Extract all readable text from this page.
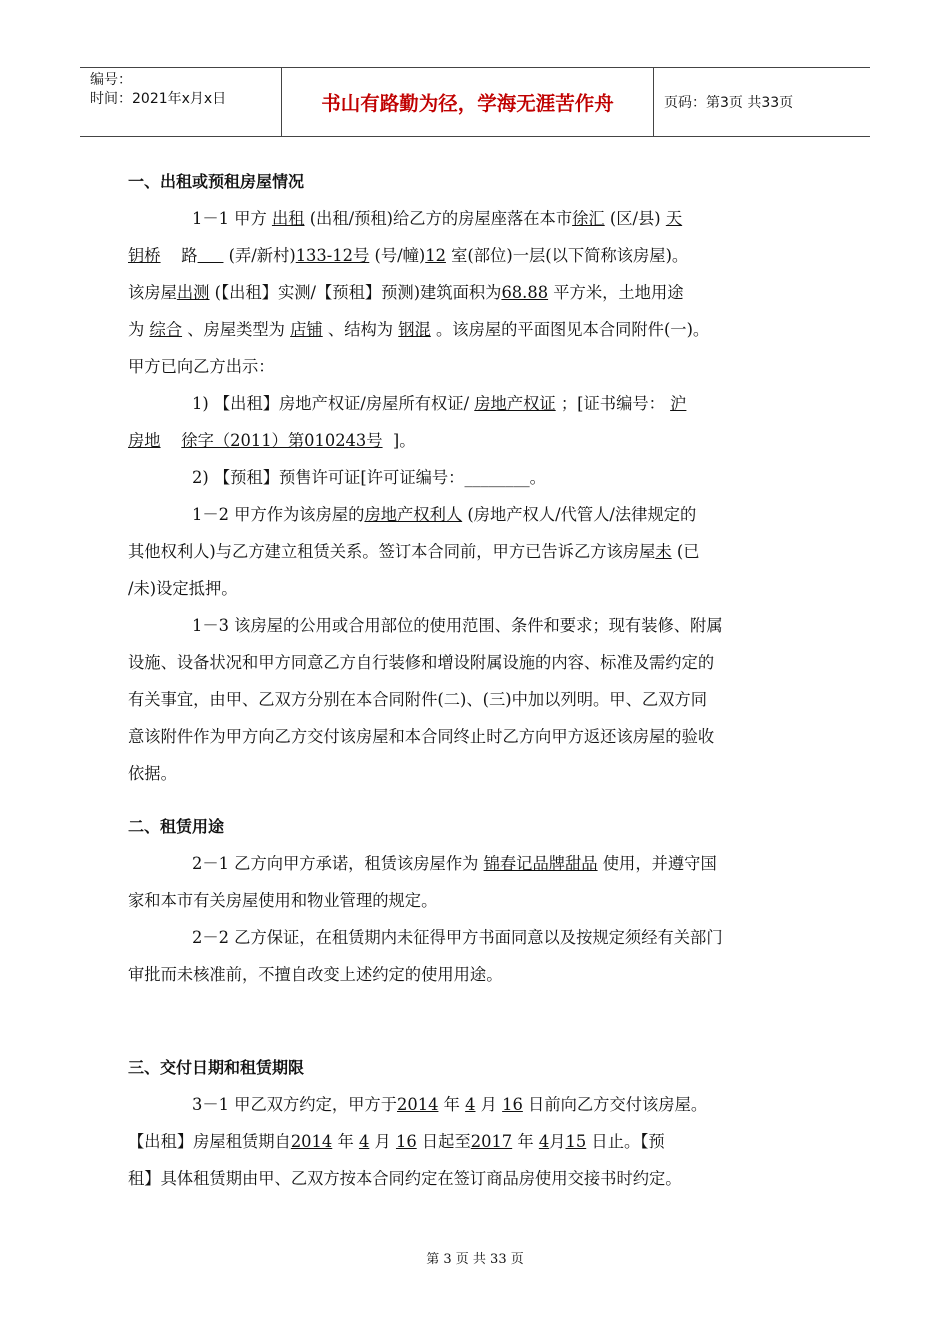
编号：
时间：2021年x月x日	书山有路勤为径，学海无涯苦作舟	页码：第3页 共33页
一、出租或预租房屋情况
1－1 甲方 出租 (出租/预租)给乙方的房屋座落在本市徐汇 (区/县) 天
钥桥 路 (弄/新村)133-12号 (号/幢)12 室(部位)一层(以下简称该房屋)。
该房屋出测 (【出租】实测/【预租】预测)建筑面积为68.88 平方米，土地用途
为 综合 、房屋类型为 店铺 、结构为 钢混 。该房屋的平面图见本合同附件(一)。
甲方已向乙方出示：
1) 【出租】房地产权证/房屋所有权证/ 房地产权证 ；[证书编号： 沪
房地 徐字（2011）第010243号 ]。
2) 【预租】预售许可证[许可证编号：________。
1－2 甲方作为该房屋的房地产权利人 (房地产权人/代管人/法律规定的
其他权利人)与乙方建立租赁关系。签订本合同前，甲方已告诉乙方该房屋未 (已
/未)设定抵押。
1－3 该房屋的公用或合用部位的使用范围、条件和要求；现有装修、附属
设施、设备状况和甲方同意乙方自行装修和增设附属设施的内容、标准及需约定的
有关事宜，由甲、乙双方分别在本合同附件(二)、(三)中加以列明。甲、乙双方同
意该附件作为甲方向乙方交付该房屋和本合同终止时乙方向甲方返还该房屋的验收
依据。
二、租赁用途
2－1 乙方向甲方承诺，租赁该房屋作为 锦春记品牌甜品 使用，并遵守国
家和本市有关房屋使用和物业管理的规定。
2－2 乙方保证，在租赁期内未征得甲方书面同意以及按规定须经有关部门
审批而未核准前，不擅自改变上述约定的使用用途。
三、交付日期和租赁期限
3－1 甲乙双方约定，甲方于2014 年 4 月 16 日前向乙方交付该房屋。
【出租】房屋租赁期自2014 年 4 月 16 日起至2017 年 4月15 日止。【预
租】具体租赁期由甲、乙双方按本合同约定在签订商品房使用交接书时约定。
第 3 页 共 33 页
